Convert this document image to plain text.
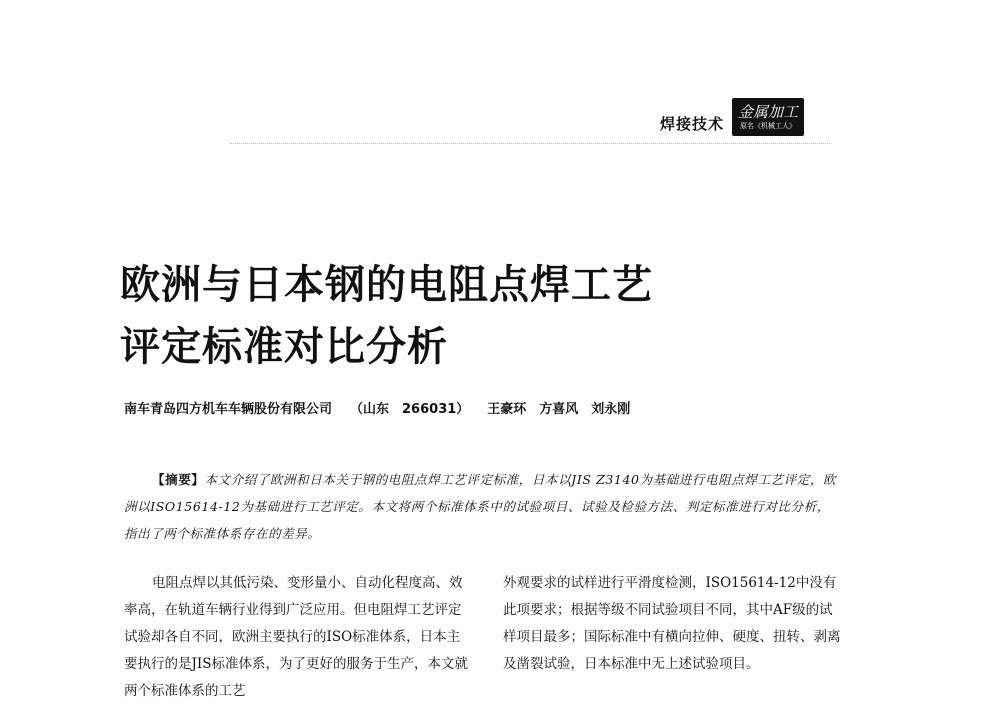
焊接技术
金属加工
原名《机械工人》
欧洲与日本钢的电阻点焊工艺
评定标准对比分析
南车青岛四方机车车辆股份有限公司 （山东　266031） 王豪环　方喜风　刘永刚

【摘要】本文介绍了欧洲和日本关于钢的电阻点焊工艺评定标准，日本以JIS Z3140为基础进行电阻点焊工艺评定，欧洲以ISO15614-12为基础进行工艺评定。本文将两个标准体系中的试验项目、试验及检验方法、判定标准进行对比分析，指出了两个标准体系存在的差异。

电阻点焊以其低污染、变形量小、自动化程度高、效率高，在轨道车辆行业得到广泛应用。但电阻焊工艺评定试验却各自不同，欧洲主要执行的ISO标准体系，日本主要执行的是JIS标准体系，为了更好的服务于生产，本文就两个标准体系的工艺

外观要求的试样进行平滑度检测，ISO15614-12中没有此项要求；根据等级不同试验项目不同，其中AF级的试样项目最多；国际标准中有横向拉伸、硬度、扭转、剥离及凿裂试验，日本标准中无上述试验项目。
